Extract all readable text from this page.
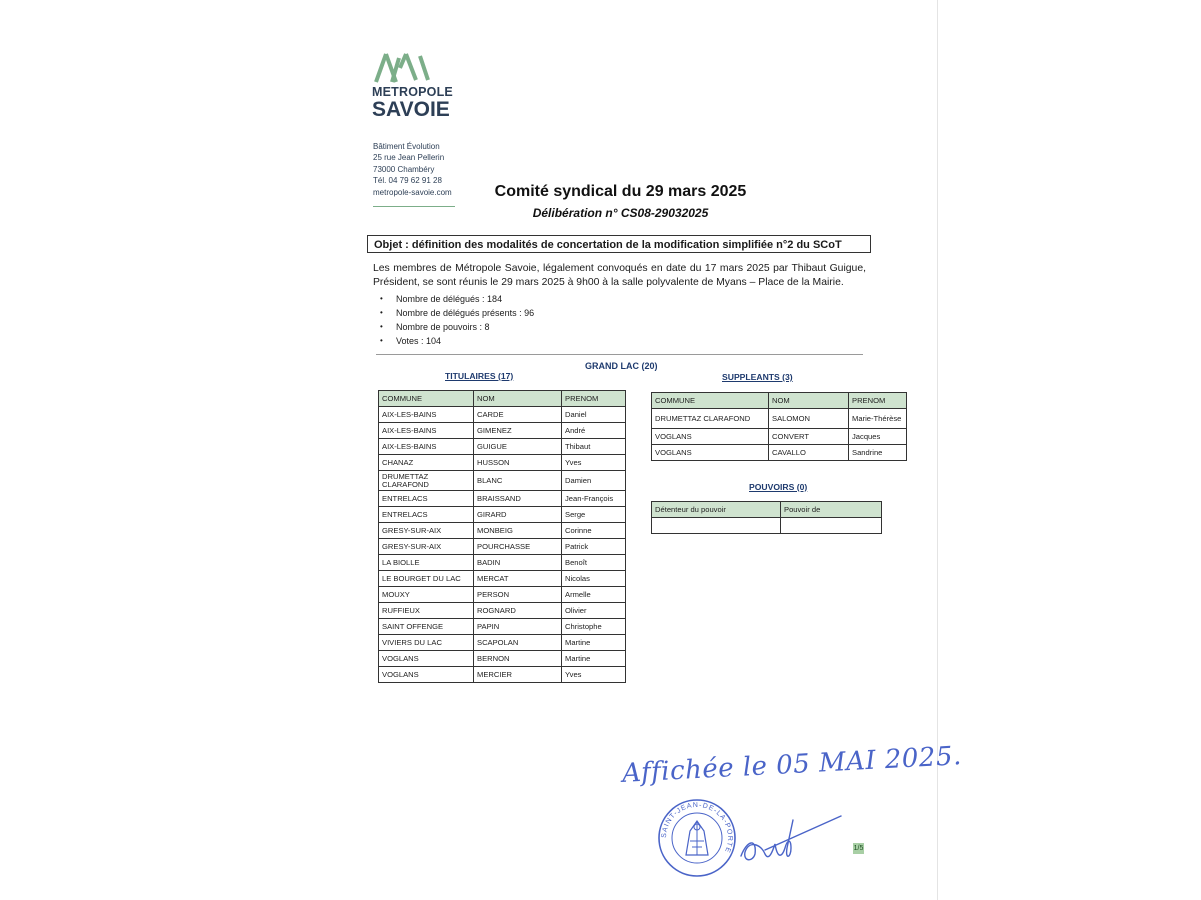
METROPOLE
SAVOIE
Bâtiment Évolution
25 rue Jean Pellerin
73000 Chambéry
Tél. 04 79 62 91 28
metropole-savoie.com	Comité syndical du 29 mars 2025
Délibération n° CS08-29032025
Objet : définition des modalités de concertation de la modification simplifiée n°2 du SCoT
Les membres de Métropole Savoie, légalement convoqués en date du 17 mars 2025 par Thibaut Guigue, Président, se sont réunis le 29 mars 2025 à 9h00 à la salle polyvalente de Myans – Place de la Mairie.
• Nombre de délégués : 184
• Nombre de délégués présents : 96
• Nombre de pouvoirs : 8
• Votes : 104
GRAND LAC (20)
TITULAIRES (17)
COMMUNE	NOM	PRENOM
AIX-LES-BAINS	CARDE	Daniel
AIX-LES-BAINS	GIMENEZ	André
AIX-LES-BAINS	GUIGUE	Thibaut
CHANAZ	HUSSON	Yves
DRUMETTAZ CLARAFOND	BLANC	Damien
ENTRELACS	BRAISSAND	Jean-François
ENTRELACS	GIRARD	Serge
GRESY-SUR-AIX	MONBEIG	Corinne
GRESY-SUR-AIX	POURCHASSE	Patrick
LA BIOLLE	BADIN	Benoît
LE BOURGET DU LAC	MERCAT	Nicolas
MOUXY	PERSON	Armelle
RUFFIEUX	ROGNARD	Olivier
SAINT OFFENGE	PAPIN	Christophe
VIVIERS DU LAC	SCAPOLAN	Martine
VOGLANS	BERNON	Martine
VOGLANS	MERCIER	Yves
SUPPLEANTS (3)
COMMUNE	NOM	PRENOM
DRUMETTAZ CLARAFOND	SALOMON	Marie-Thérèse
VOGLANS	CONVERT	Jacques
VOGLANS	CAVALLO	Sandrine
POUVOIRS (0)
Détenteur du pouvoir	Pouvoir de

Affichée le 05 MAI 2025.
SAINT-JEAN-DE-LA-PORTE	1/5
